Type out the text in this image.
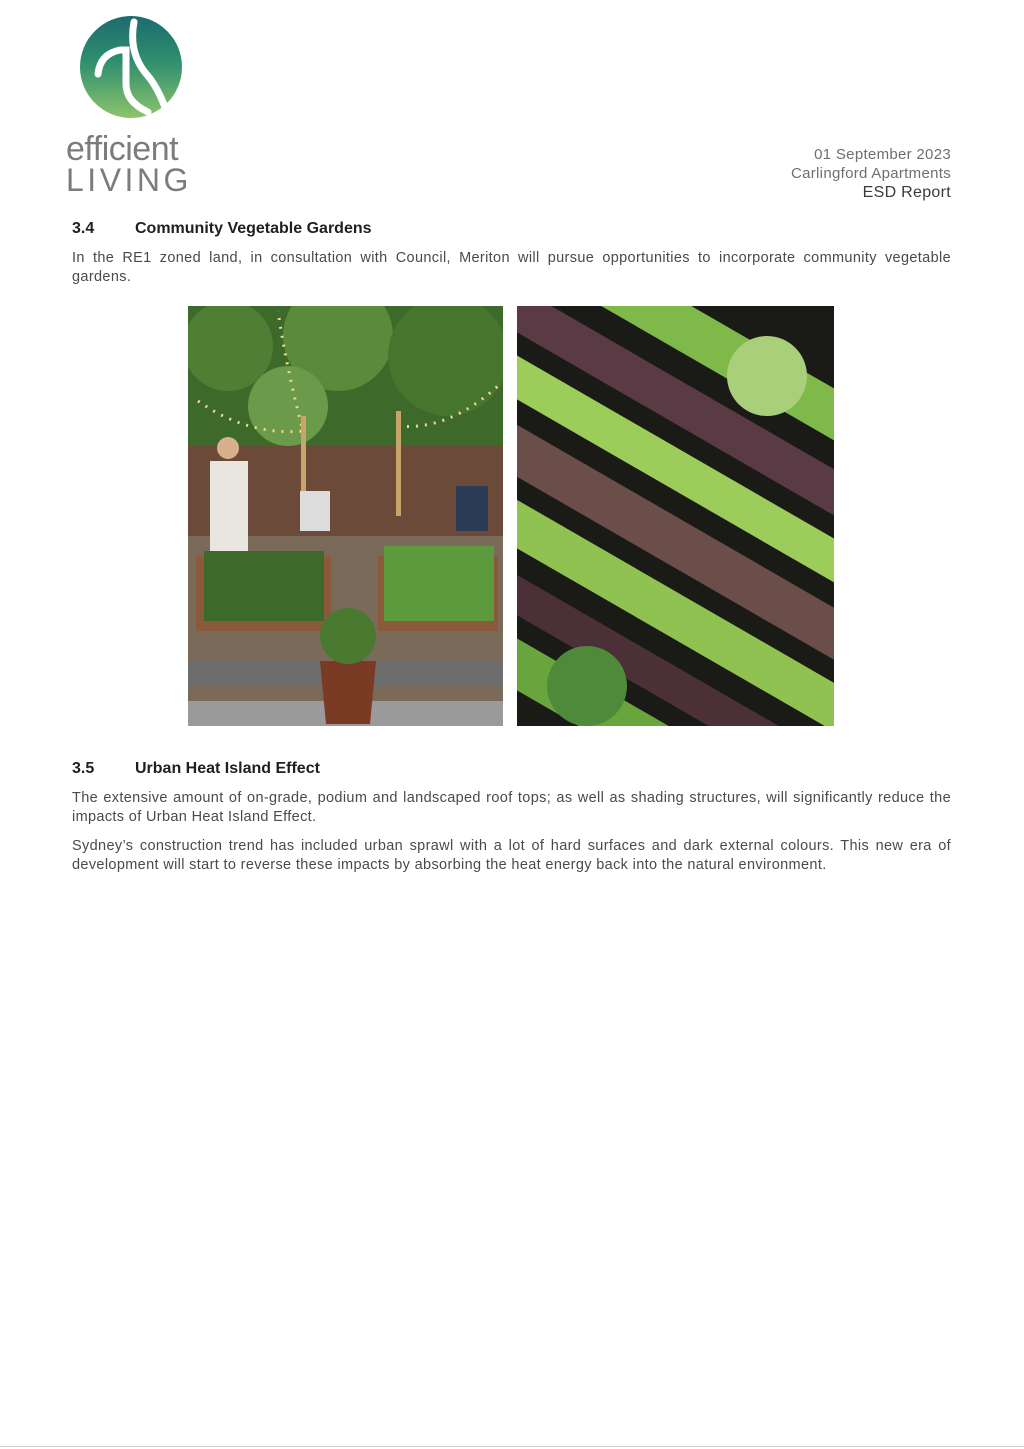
efficient
LIVING
01 September 2023
Carlingford Apartments
ESD Report
3.4	Community Vegetable Gardens

In the RE1 zoned land, in consultation with Council, Meriton will pursue opportunities to incorporate community vegetable gardens.

3.5	Urban Heat Island Effect

The extensive amount of on-grade, podium and landscaped roof tops; as well as shading structures, will significantly reduce the impacts of Urban Heat Island Effect.

Sydney’s construction trend has included urban sprawl with a lot of hard surfaces and dark external colours. This new era of development will start to reverse these impacts by absorbing the heat energy back into the natural environment.
